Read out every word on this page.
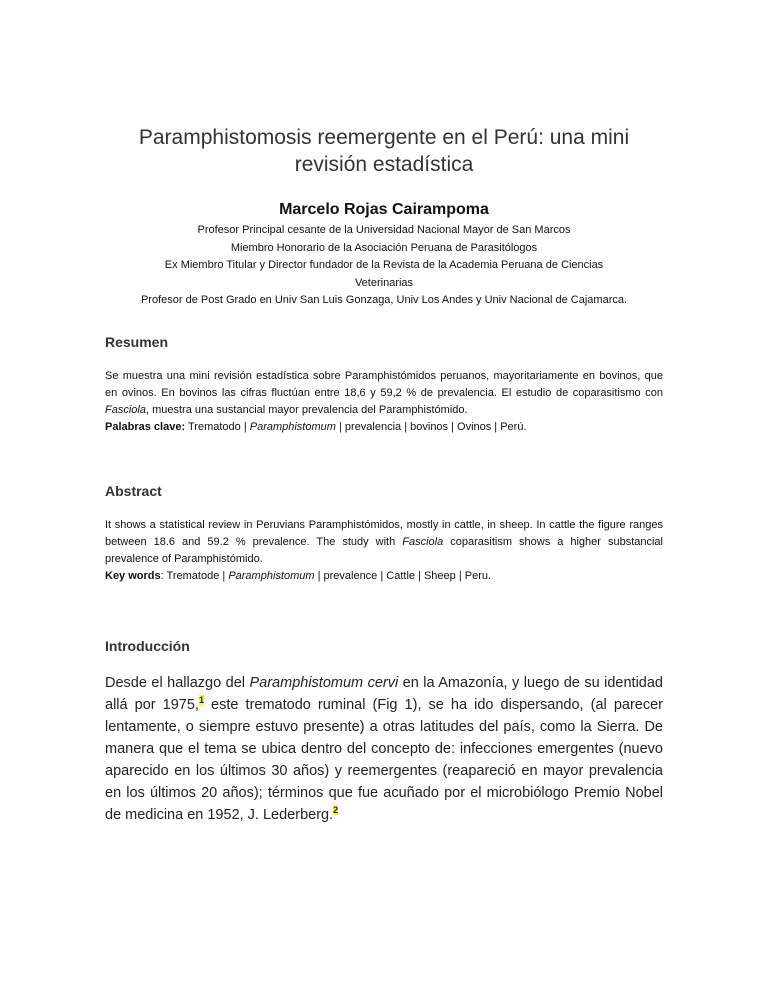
Paramphistomosis reemergente en el Perú: una mini
revisión estadística
Marcelo Rojas Cairampoma
Profesor Principal cesante de la Universidad Nacional Mayor de San Marcos
Miembro Honorario de la Asociación Peruana de Parasitólogos
Ex Miembro Titular y Director fundador de la Revista de la Academia Peruana de Ciencias
Veterinarias
Profesor de Post Grado en Univ San Luis Gonzaga, Univ Los Andes y Univ Nacional de Cajamarca.
Resumen
Se muestra una mini revisión estadística sobre Paramphistómidos peruanos, mayoritariamente en bovinos, que en ovinos. En bovinos las cifras fluctúan entre 18,6 y 59,2 % de prevalencia. El estudio de coparasitismo con Fasciola, muestra una sustancial mayor prevalencia del Paramphistómido.
Palabras clave: Trematodo | Paramphistomum | prevalencia | bovinos | Ovinos | Perú.
Abstract
It shows a statistical review in Peruvians Paramphistómidos, mostly in cattle, in sheep. In cattle the figure ranges between 18.6 and 59.2 % prevalence. The study with Fasciola coparasitism shows a higher substancial prevalence of Paramphistómido.
Key words: Trematode | Paramphistomum | prevalence | Cattle | Sheep | Peru.
Introducción
Desde el hallazgo del Paramphistomum cervi en la Amazonía, y luego de su identidad allá por 1975,$^1$ este trematodo ruminal (Fig 1), se ha ido dispersando, (al parecer lentamente, o siempre estuvo presente) a otras latitudes del país, como la Sierra. De manera que el tema se ubica dentro del concepto de: infecciones emergentes (nuevo aparecido en los últimos 30 años) y reemergentes (reapareció en mayor prevalencia en los últimos 20 años); términos que fue acuñado por el microbiólogo Premio Nobel de medicina en 1952, J. Lederberg.$^2$
